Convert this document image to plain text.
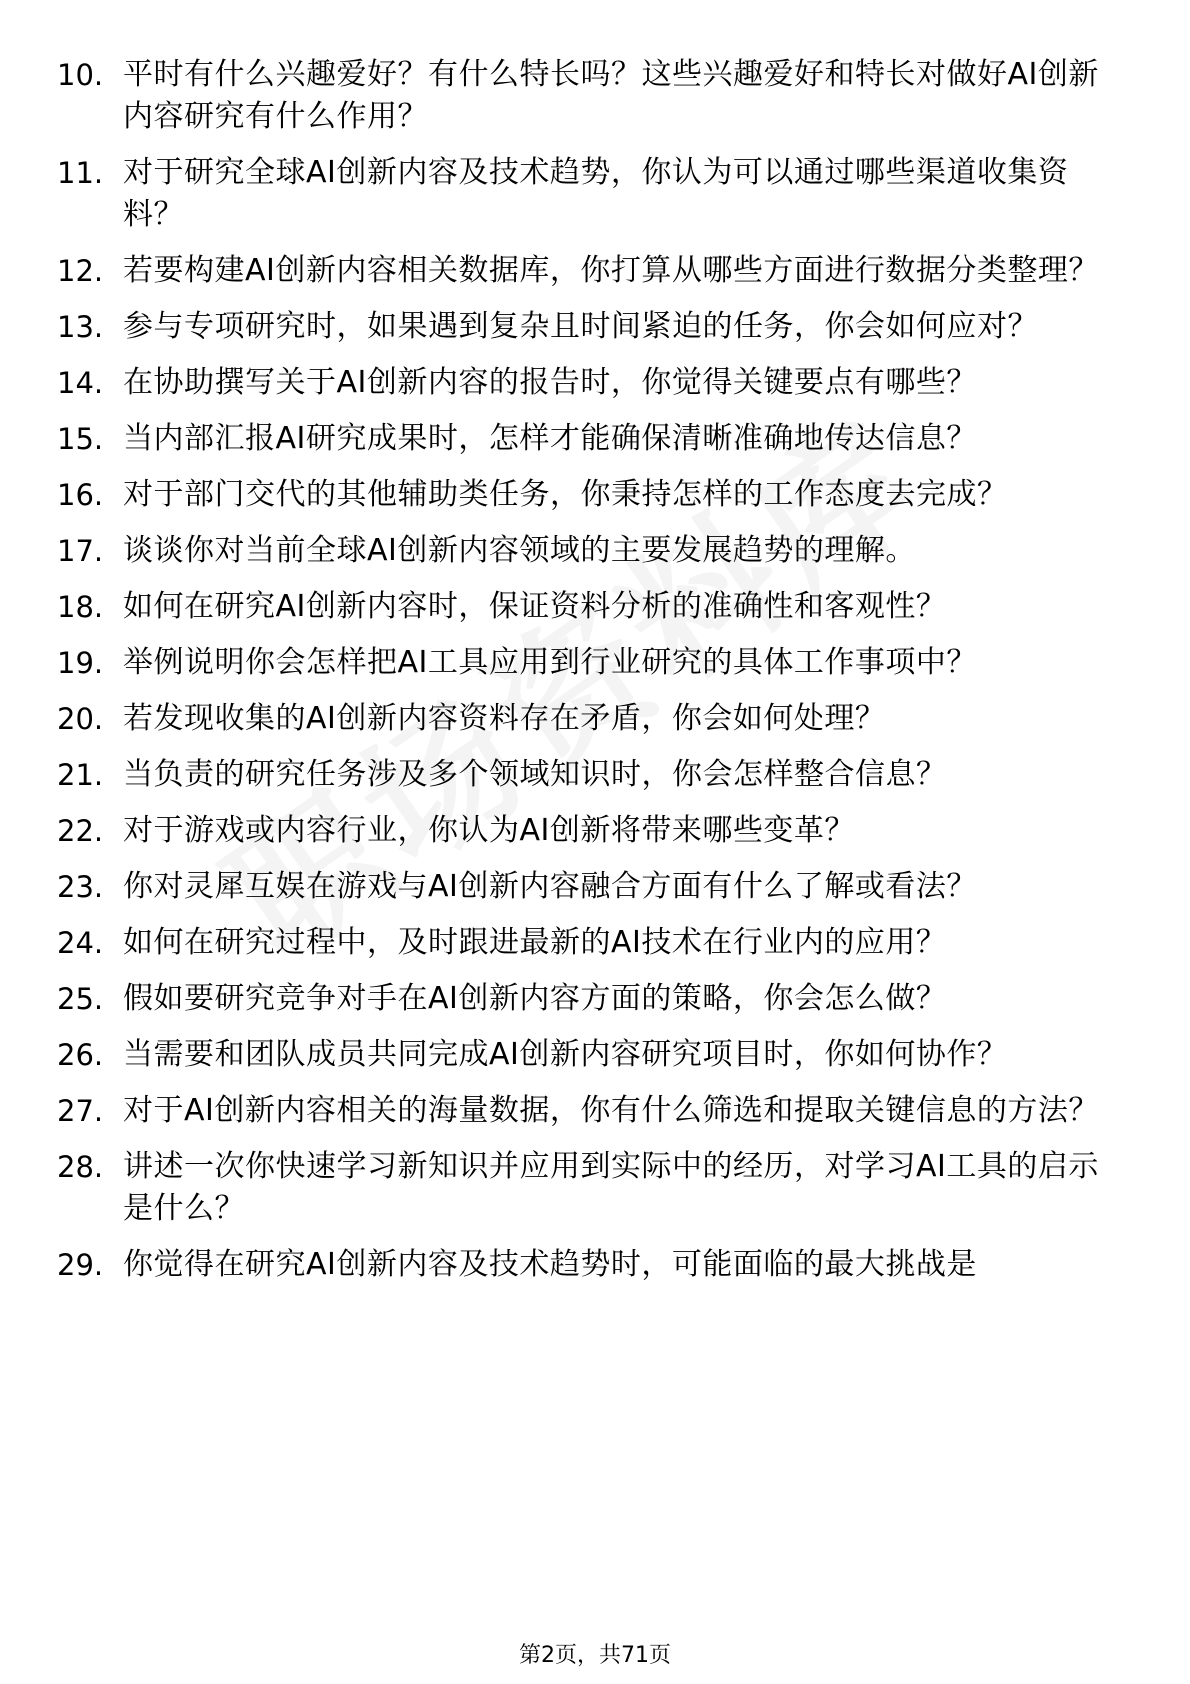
10. 平时有什么兴趣爱好？有什么特长吗？这些兴趣爱好和特长对做好AI创新内容研究有什么作用？
11. 对于研究全球AI创新内容及技术趋势，你认为可以通过哪些渠道收集资料？
12. 若要构建AI创新内容相关数据库，你打算从哪些方面进行数据分类整理？
13. 参与专项研究时，如果遇到复杂且时间紧迫的任务，你会如何应对？
14. 在协助撰写关于AI创新内容的报告时，你觉得关键要点有哪些？
15. 当内部汇报AI研究成果时，怎样才能确保清晰准确地传达信息？
16. 对于部门交代的其他辅助类任务，你秉持怎样的工作态度去完成？
17. 谈谈你对当前全球AI创新内容领域的主要发展趋势的理解。
18. 如何在研究AI创新内容时，保证资料分析的准确性和客观性？
19. 举例说明你会怎样把AI工具应用到行业研究的具体工作事项中？
20. 若发现收集的AI创新内容资料存在矛盾，你会如何处理？
21. 当负责的研究任务涉及多个领域知识时，你会怎样整合信息？
22. 对于游戏或内容行业，你认为AI创新将带来哪些变革？
23. 你对灵犀互娱在游戏与AI创新内容融合方面有什么了解或看法？
24. 如何在研究过程中，及时跟进最新的AI技术在行业内的应用？
25. 假如要研究竞争对手在AI创新内容方面的策略，你会怎么做？
26. 当需要和团队成员共同完成AI创新内容研究项目时，你如何协作？
27. 对于AI创新内容相关的海量数据，你有什么筛选和提取关键信息的方法？
28. 讲述一次你快速学习新知识并应用到实际中的经历，对学习AI工具的启示是什么？
29. 你觉得在研究AI创新内容及技术趋势时，可能面临的最大挑战是
第2页，共71页
